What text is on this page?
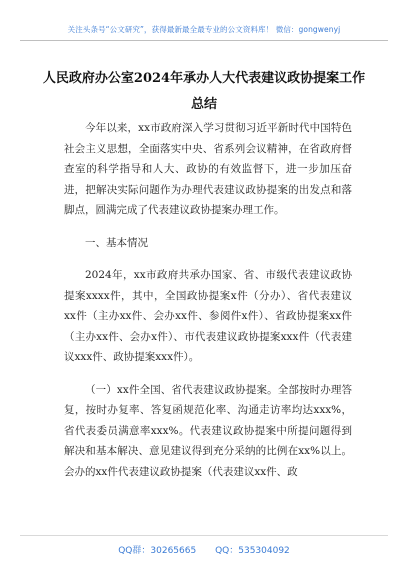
关注头条号“公文研究”，获得最新最全最专业的公文资料库！ 微信：gongwenyj
人民政府办公室2024年承办人大代表建议政协提案工作总结

今年以来，xx市政府深入学习贯彻习近平新时代中国特色社会主义思想，全面落实中央、省系列会议精神，在省政府督查室的科学指导和人大、政协的有效监督下，进一步加压奋进，把解决实际问题作为办理代表建议政协提案的出发点和落脚点，圆满完成了代表建议政协提案办理工作。

一、基本情况

2024年，xx市政府共承办国家、省、市级代表建议政协提案xxxx件，其中，全国政协提案x件（分办）、省代表建议xx件（主办xx件、会办xx件、参阅件x件）、省政协提案xx件（主办xx件、会办x件）、市代表建议政协提案xxx件（代表建议xxx件、政协提案xxx件）。

（一）xx件全国、省代表建议政协提案。全部按时办理答复，按时办复率、答复函规范化率、沟通走访率均达xxx%，省代表委员满意率xxx%。代表建议政协提案中所提问题得到解决和基本解决、意见建议得到充分采纳的比例在xx%以上。会办的xx件代表建议政协提案（代表建议xx件、政

QQ群：30265665 QQ：535304092
